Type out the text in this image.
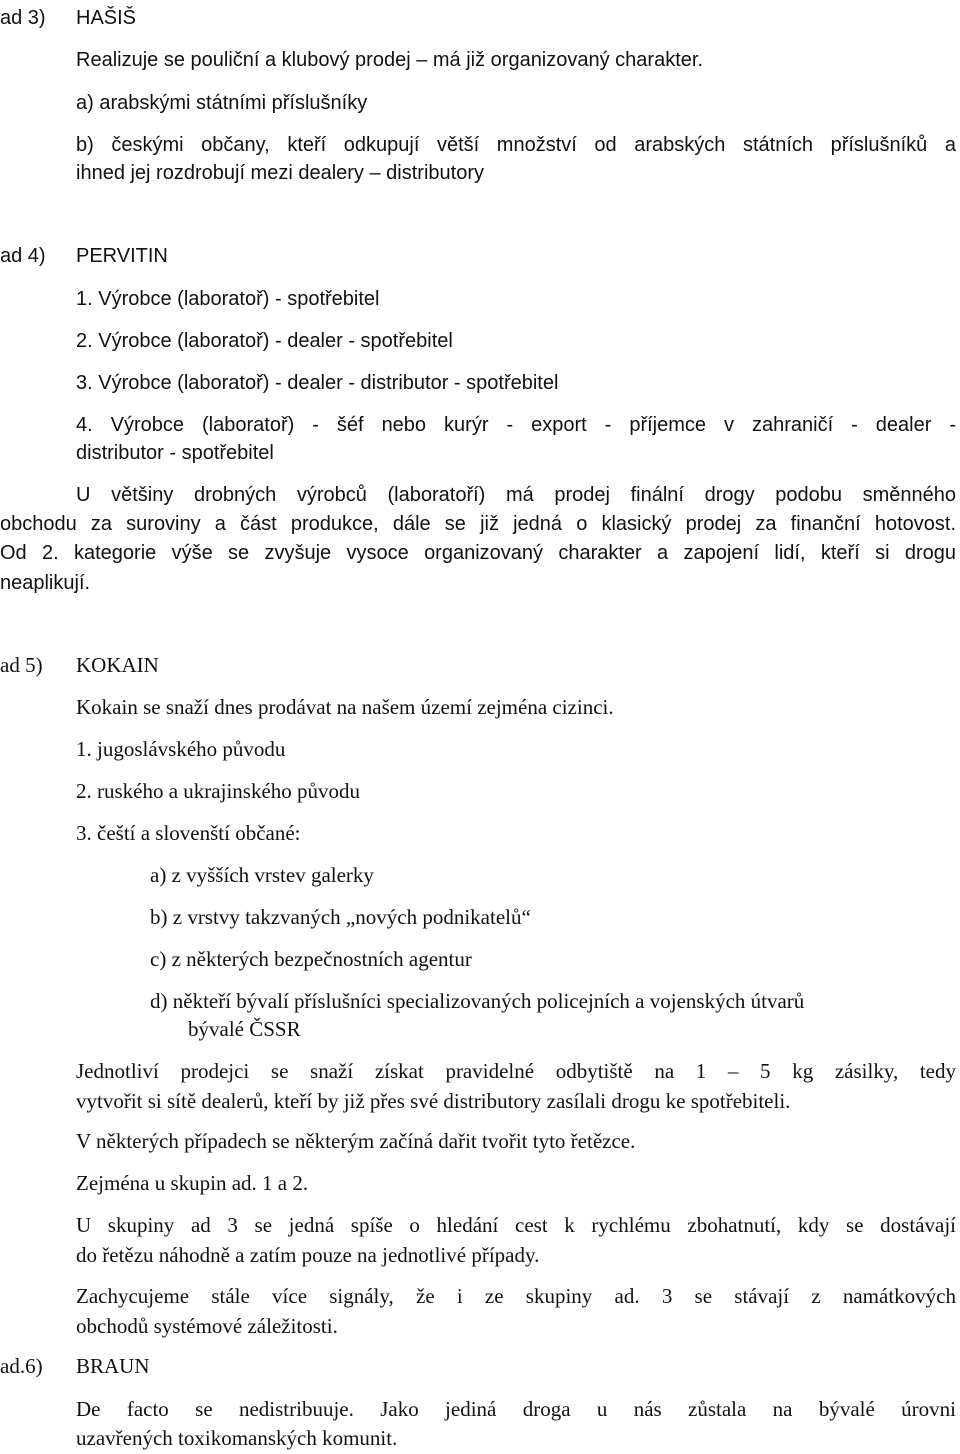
ad 3) HAŠIŠ
Realizuje se pouliční a klubový prodej – má již organizovaný charakter.
a) arabskými státními příslušníky
b) českými občany, kteří odkupují větší množství od arabských státních příslušníků a
ihned jej rozdrobují mezi dealery – distributory
ad 4) PERVITIN
1. Výrobce (laboratoř) - spotřebitel
2. Výrobce (laboratoř) - dealer - spotřebitel
3. Výrobce (laboratoř) - dealer - distributor - spotřebitel
4. Výrobce (laboratoř) - šéf nebo kurýr - export - příjemce v zahraničí - dealer -
distributor - spotřebitel
U většiny drobných výrobců (laboratoří) má prodej finální drogy podobu směnného
obchodu za suroviny a část produkce, dále se již jedná o klasický prodej za finanční hotovost.
Od 2. kategorie výše se zvyšuje vysoce organizovaný charakter a zapojení lidí, kteří si drogu
neaplikují.
ad 5) KOKAIN
Kokain se snaží dnes prodávat na našem území zejména cizinci.
1. jugoslávského původu
2. ruského a ukrajinského původu
3. čeští a slovenští občané:
a) z vyšších vrstev galerky
b) z vrstvy takzvaných „nových podnikatelů“
c) z některých bezpečnostních agentur
d) někteří bývalí příslušníci specializovaných policejních a vojenských útvarů
bývalé ČSSR
Jednotliví prodejci se snaží získat pravidelné odbytiště na 1 – 5 kg zásilky, tedy
vytvořit si sítě dealerů, kteří by již přes své distributory zasílali drogu ke spotřebiteli.
V některých případech se některým začíná dařit tvořit tyto řetězce.
Zejména u skupin ad. 1 a 2.
U skupiny ad 3 se jedná spíše o hledání cest k rychlému zbohatnutí, kdy se dostávají
do řetězu náhodně a zatím pouze na jednotlivé případy.
Zachycujeme stále více signály, že i ze skupiny ad. 3 se stávají z namátkových
obchodů systémové záležitosti.
ad.6) BRAUN
De facto se nedistribuuje. Jako jediná droga u nás zůstala na bývalé úrovni
uzavřených toxikomanských komunit.
